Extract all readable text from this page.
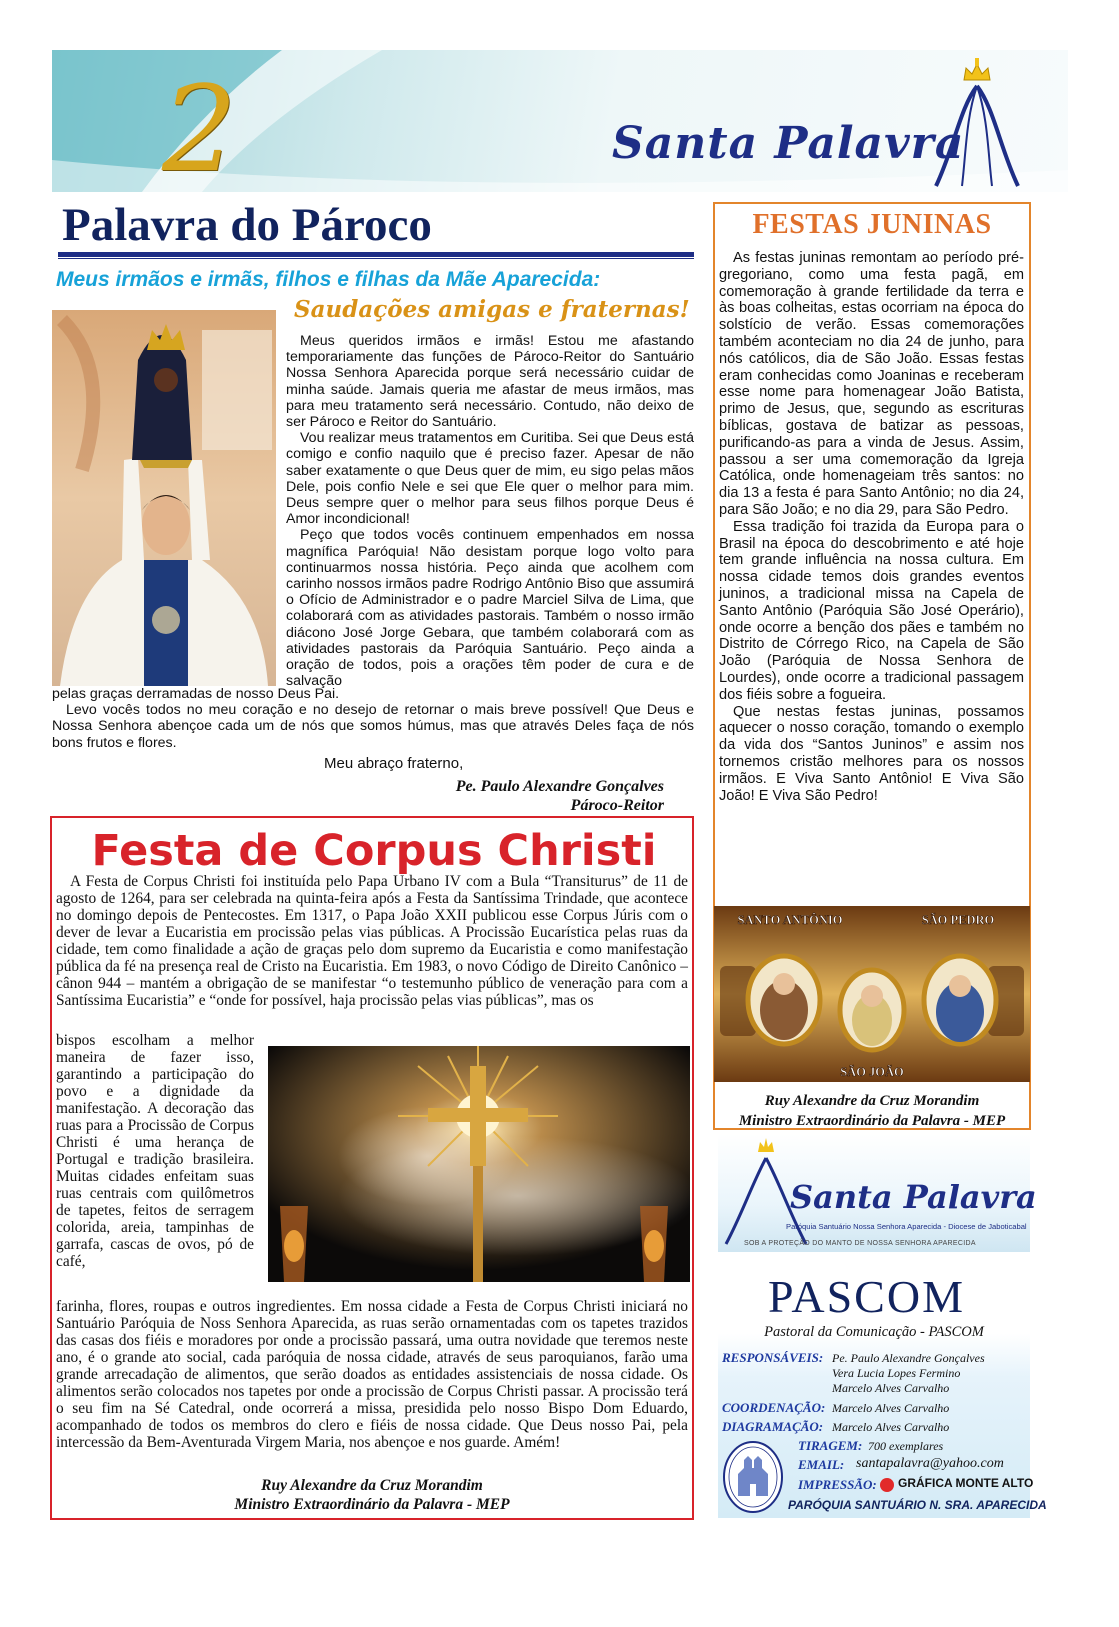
2	Santa Palavra
Palavra do Pároco
Meus irmãos e irmãs, filhos e filhas da Mãe Aparecida:
Saudações amigas e fraternas!

Meus queridos irmãos e irmãs! Estou me afastando temporariamente das funções de Pároco-Reitor do Santuário Nossa Senhora Aparecida porque será necessário cuidar de minha saúde. Jamais queria me afastar de meus irmãos, mas para meu tratamento será necessário. Contudo, não deixo de ser Pároco e Reitor do Santuário.

Vou realizar meus tratamentos em Curitiba. Sei que Deus está comigo e confio naquilo que é preciso fazer. Apesar de não saber exatamente o que Deus quer de mim, eu sigo pelas mãos Dele, pois confio Nele e sei que Ele quer o melhor para mim. Deus sempre quer o melhor para seus filhos porque Deus é Amor incondicional!

Peço que todos vocês continuem empenhados em nossa magnífica Paróquia! Não desistam porque logo volto para continuarmos nossa história. Peço ainda que acolhem com carinho nossos irmãos padre Rodrigo Antônio Biso que assumirá o Ofício de Administrador e o padre Marciel Silva de Lima, que colaborará com as atividades pastorais. Também o nosso irmão diácono José Jorge Gebara, que também colaborará com as atividades pastorais da Paróquia Santuário. Peço ainda a oração de todos, pois a orações têm poder de cura e de salvação

pelas graças derramadas de nosso Deus Pai.

Levo vocês todos no meu coração e no desejo de retornar o mais breve possível! Que Deus e Nossa Senhora abençoe cada um de nós que somos húmus, mas que através Deles faça de nós bons frutos e flores.

Meu abraço fraterno,
Pe. Paulo Alexandre Gonçalves
Pároco-Reitor
Festa de Corpus Christi
A Festa de Corpus Christi foi instituída pelo Papa Urbano IV com a Bula “Transiturus” de 11 de agosto de 1264, para ser celebrada na quinta-feira após a Festa da Santíssima Trindade, que acontece no domingo depois de Pentecostes. Em 1317, o Papa João XXII publicou esse Corpus Júris com o dever de levar a Eucaristia em procissão pelas vias públicas. A Procissão Eucarística pelas ruas da cidade, tem como finalidade a ação de graças pelo dom supremo da Eucaristia e como manifestação pública da fé na presença real de Cristo na Eucaristia. Em 1983, o novo Código de Direito Canônico – cânon 944 – mantém a obrigação de se manifestar “o testemunho público de veneração para com a Santíssima Eucaristia” e “onde for possível, haja procissão pelas vias públicas”, mas os
bispos escolham a melhor maneira de fazer isso, garantindo a participação do povo e a dignidade da manifestação. A decoração das ruas para a Procissão de Corpus Christi é uma herança de Portugal e tradição brasileira. Muitas cidades enfeitam suas ruas centrais com quilômetros de tapetes, feitos de serragem colorida, areia, tampinhas de garrafa, cascas de ovos, pó de café,
farinha, flores, roupas e outros ingredientes. Em nossa cidade a Festa de Corpus Christi iniciará no Santuário Paróquia de Noss Senhora Aparecida, as ruas serão ornamentadas com os tapetes trazidos das casas dos fiéis e moradores por onde a procissão passará, uma outra novidade que teremos neste ano, é o grande ato social, cada paróquia de nossa cidade, através de seus paroquianos, farão uma grande arrecadação de alimentos, que serão doados as entidades assistenciais de nossa cidade. Os alimentos serão colocados nos tapetes por onde a procissão de Corpus Christi passar. A procissão terá o seu fim na Sé Catedral, onde ocorrerá a missa, presidida pelo nosso Bispo Dom Eduardo, acompanhado de todos os membros do clero e fiéis de nossa cidade. Que Deus nosso Pai, pela intercessão da Bem-Aventurada Virgem Maria, nos abençoe e nos guarde. Amém!
Ruy Alexandre da Cruz Morandim
Ministro Extraordinário da Palavra - MEP
FESTAS JUNINAS

As festas juninas remontam ao período pré-gregoriano, como uma festa pagã, em comemoração à grande fertilidade da terra e às boas colheitas, estas ocorriam na época do solstício de verão. Essas comemorações também aconteciam no dia 24 de junho, para nós católicos, dia de São João. Essas festas eram conhecidas como Joaninas e receberam esse nome para homenagear João Batista, primo de Jesus, que, segundo as escrituras bíblicas, gostava de batizar as pessoas, purificando-as para a vinda de Jesus. Assim, passou a ser uma comemoração da Igreja Católica, onde homenageiam três santos: no dia 13 a festa é para Santo Antônio; no dia 24, para São João; e no dia 29, para São Pedro.

Essa tradição foi trazida da Europa para o Brasil na época do descobrimento e até hoje tem grande influência na nossa cultura. Em nossa cidade temos dois grandes eventos juninos, a tradicional missa na Capela de Santo Antônio (Paróquia São José Operário), onde ocorre a benção dos pães e também no Distrito de Córrego Rico, na Capela de São João (Paróquia de Nossa Senhora de Lourdes), onde ocorre a tradicional passagem dos fiéis sobre a fogueira.

Que nestas festas juninas, possamos aquecer o nosso coração, tomando o exemplo da vida dos “Santos Juninos” e assim nos tornemos cristão melhores para os nossos irmãos. E Viva Santo Antônio! E Viva São João! E Viva São Pedro!

SANTO ANTÔNIO	SÃO PEDRO
SÃO JOÃO
Ruy Alexandre da Cruz Morandim
Ministro Extraordinário da Palavra - MEP
Santa Palavra
Paróquia Santuário Nossa Senhora Aparecida - Diocese de Jaboticabal
SOB A PROTEÇÃO DO MANTO DE NOSSA SENHORA APARECIDA
PASCOM
Pastoral da Comunicação - PASCOM
RESPONSÁVEIS: Pe. Paulo Alexandre Gonçalves
Vera Lucia Lopes Fermino
Marcelo Alves Carvalho
COORDENAÇÃO: Marcelo Alves Carvalho
DIAGRAMAÇÃO: Marcelo Alves Carvalho
TIRAGEM: 700 exemplares
EMAIL: santapalavra@yahoo.com
IMPRESSÃO: GRÁFICA MONTE ALTO
PARÓQUIA SANTUÁRIO N. SRA. APARECIDA
